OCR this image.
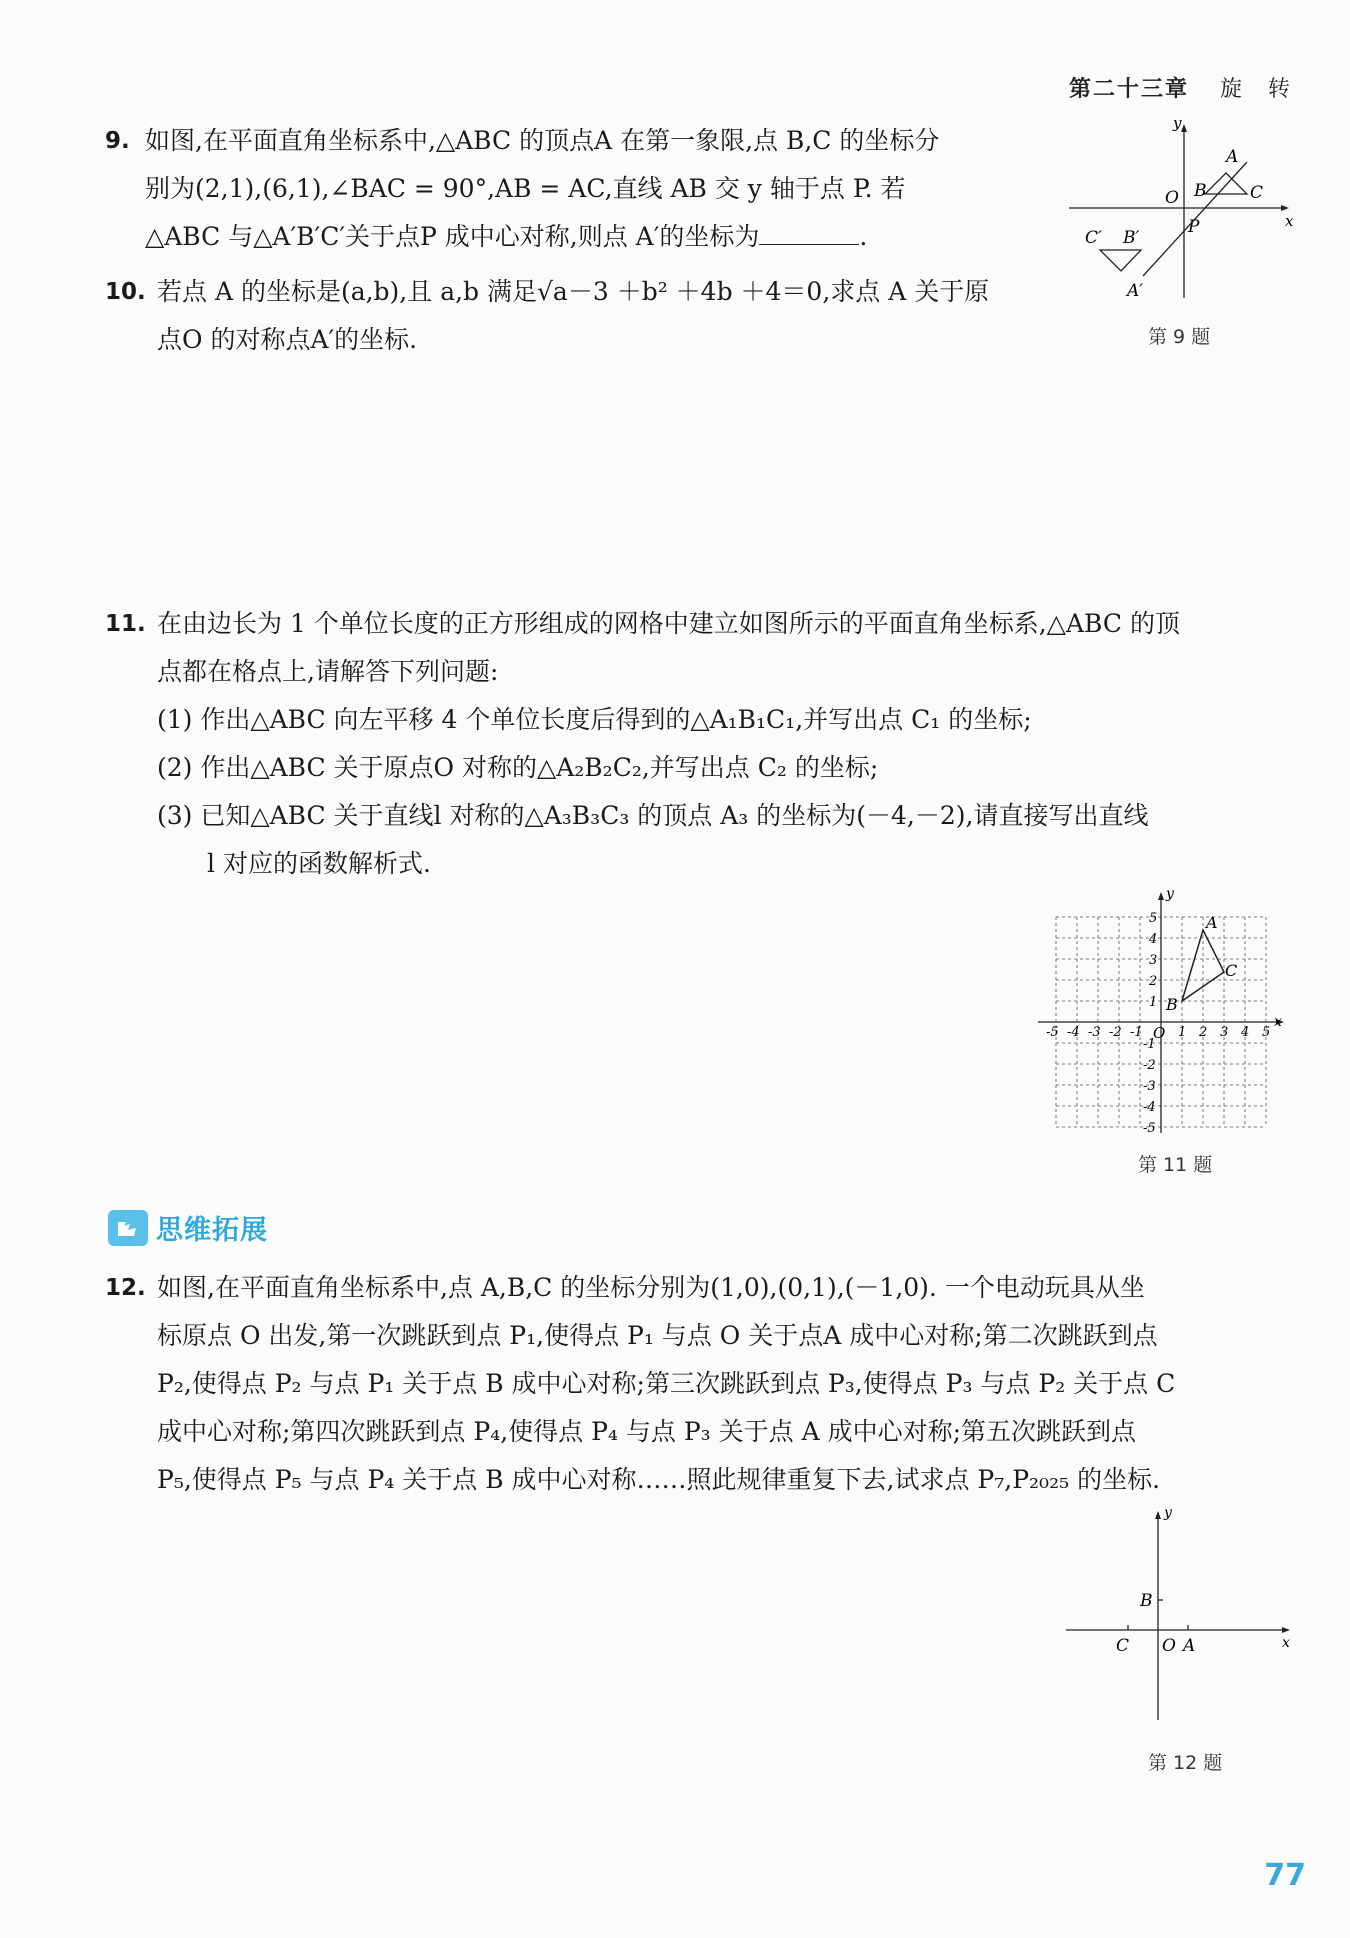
第二十三章 旋　转
9. 如图,在平面直角坐标系中,△ABC 的顶点A 在第一象限,点 B,C 的坐标分
别为(2,1),(6,1),∠BAC = 90°,AB = AC,直线 AB 交 y 轴于点 P. 若
△ABC 与△A′B′C′关于点P 成中心对称,则点 A′的坐标为	.
y
x
O
A
B	C
P
B′
C′
A′
第 9 题
10. 若点 A 的坐标是(a,b),且 a,b 满足√a－3 ＋b² ＋4b ＋4＝0,求点 A 关于原
点O 的对称点A′的坐标.
11. 在由边长为 1 个单位长度的正方形组成的网格中建立如图所示的平面直角坐标系,△ABC 的顶
点都在格点上,请解答下列问题:
(1) 作出△ABC 向左平移 4 个单位长度后得到的△A₁B₁C₁,并写出点 C₁ 的坐标;
(2) 作出△ABC 关于原点O 对称的△A₂B₂C₂,并写出点 C₂ 的坐标;
(3) 已知△ABC 关于直线l 对称的△A₃B₃C₃ 的顶点 A₃ 的坐标为(－4,－2),请直接写出直线
l 对应的函数解析式.
-5 -4 -3 -2 -1	1 2 3 4 5
5
4
3
2
1
-1
-2
-3
-4
-5
y
x
O
A
B
C
第 11 题
思维拓展
12. 如图,在平面直角坐标系中,点 A,B,C 的坐标分别为(1,0),(0,1),(－1,0). 一个电动玩具从坐
标原点 O 出发,第一次跳跃到点 P₁,使得点 P₁ 与点 O 关于点A 成中心对称;第二次跳跃到点
P₂,使得点 P₂ 与点 P₁ 关于点 B 成中心对称;第三次跳跃到点 P₃,使得点 P₃ 与点 P₂ 关于点 C
成中心对称;第四次跳跃到点 P₄,使得点 P₄ 与点 P₃ 关于点 A 成中心对称;第五次跳跃到点
P₅,使得点 P₅ 与点 P₄ 关于点 B 成中心对称……照此规律重复下去,试求点 P₇,P₂₀₂₅ 的坐标.
y
x
O A
B
C
第 12 题
77
